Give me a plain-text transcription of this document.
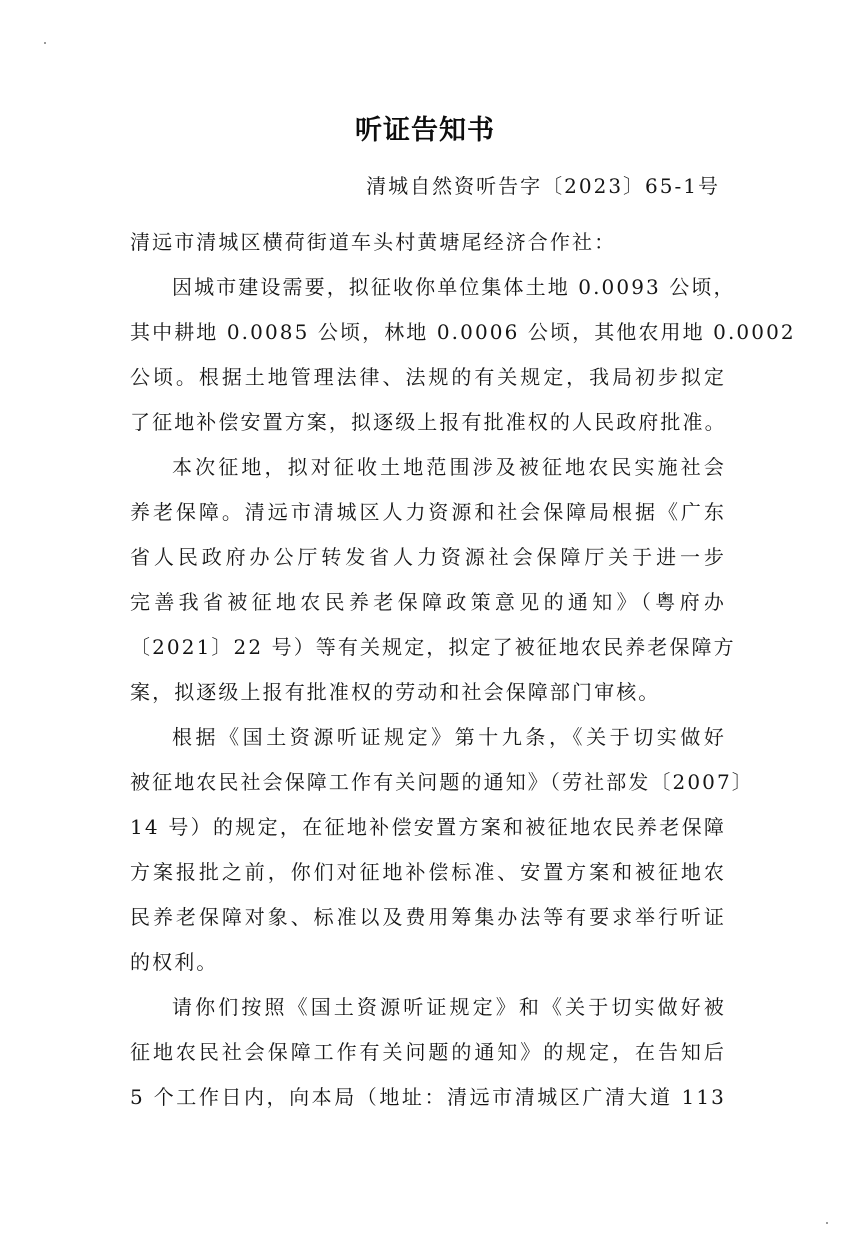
听证告知书
清城自然资听告字〔2023〕65-1号
清远市清城区横荷街道车头村黄塘尾经济合作社：
因城市建设需要，拟征收你单位集体土地 0.0093 公顷，
其中耕地 0.0085 公顷，林地 0.0006 公顷，其他农用地 0.0002
公顷。根据土地管理法律、法规的有关规定，我局初步拟定
了征地补偿安置方案，拟逐级上报有批准权的人民政府批准。
本次征地，拟对征收土地范围涉及被征地农民实施社会
养老保障。清远市清城区人力资源和社会保障局根据《广东
省人民政府办公厅转发省人力资源社会保障厅关于进一步
完善我省被征地农民养老保障政策意见的通知》（粤府办
〔2021〕22 号）等有关规定，拟定了被征地农民养老保障方
案，拟逐级上报有批准权的劳动和社会保障部门审核。
根据《国土资源听证规定》第十九条，《关于切实做好
被征地农民社会保障工作有关问题的通知》（劳社部发〔2007〕
14 号）的规定，在征地补偿安置方案和被征地农民养老保障
方案报批之前，你们对征地补偿标准、安置方案和被征地农
民养老保障对象、标准以及费用筹集办法等有要求举行听证
的权利。
请你们按照《国土资源听证规定》和《关于切实做好被
征地农民社会保障工作有关问题的通知》的规定，在告知后
5 个工作日内，向本局（地址：清远市清城区广清大道 113
